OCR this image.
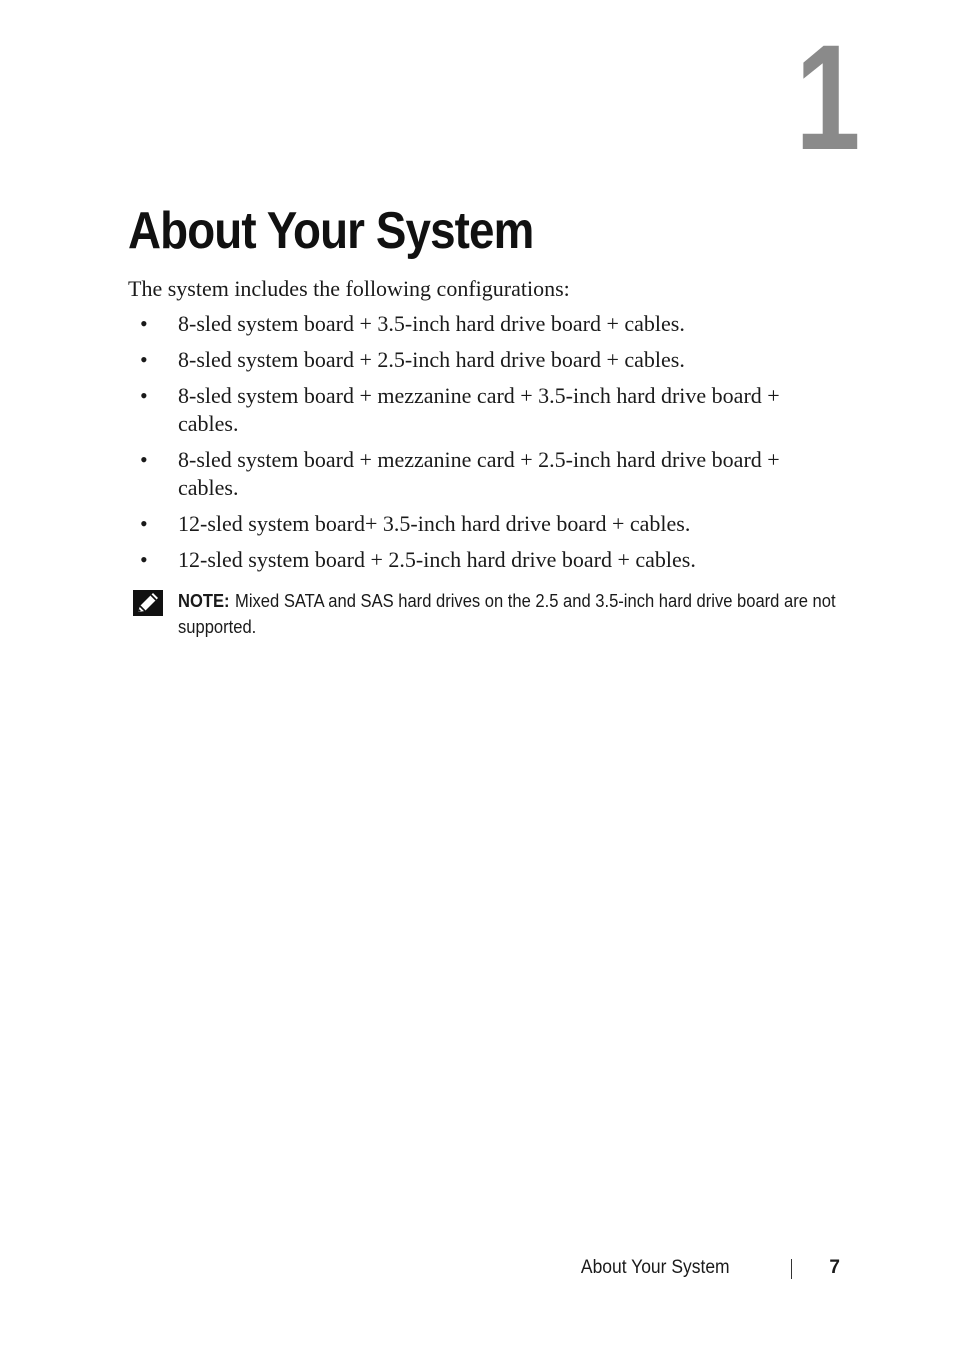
1
About Your System

The system includes the following configurations:

• 8-sled system board + 3.5-inch hard drive board + cables.
• 8-sled system board + 2.5-inch hard drive board + cables.
• 8-sled system board + mezzanine card + 3.5-inch hard drive board + cables.
• 8-sled system board + mezzanine card + 2.5-inch hard drive board + cables.
• 12-sled system board+ 3.5-inch hard drive board + cables.
• 12-sled system board + 2.5-inch hard drive board + cables.
NOTE: Mixed SATA and SAS hard drives on the 2.5 and 3.5-inch hard drive board are not supported.
About Your System	7
